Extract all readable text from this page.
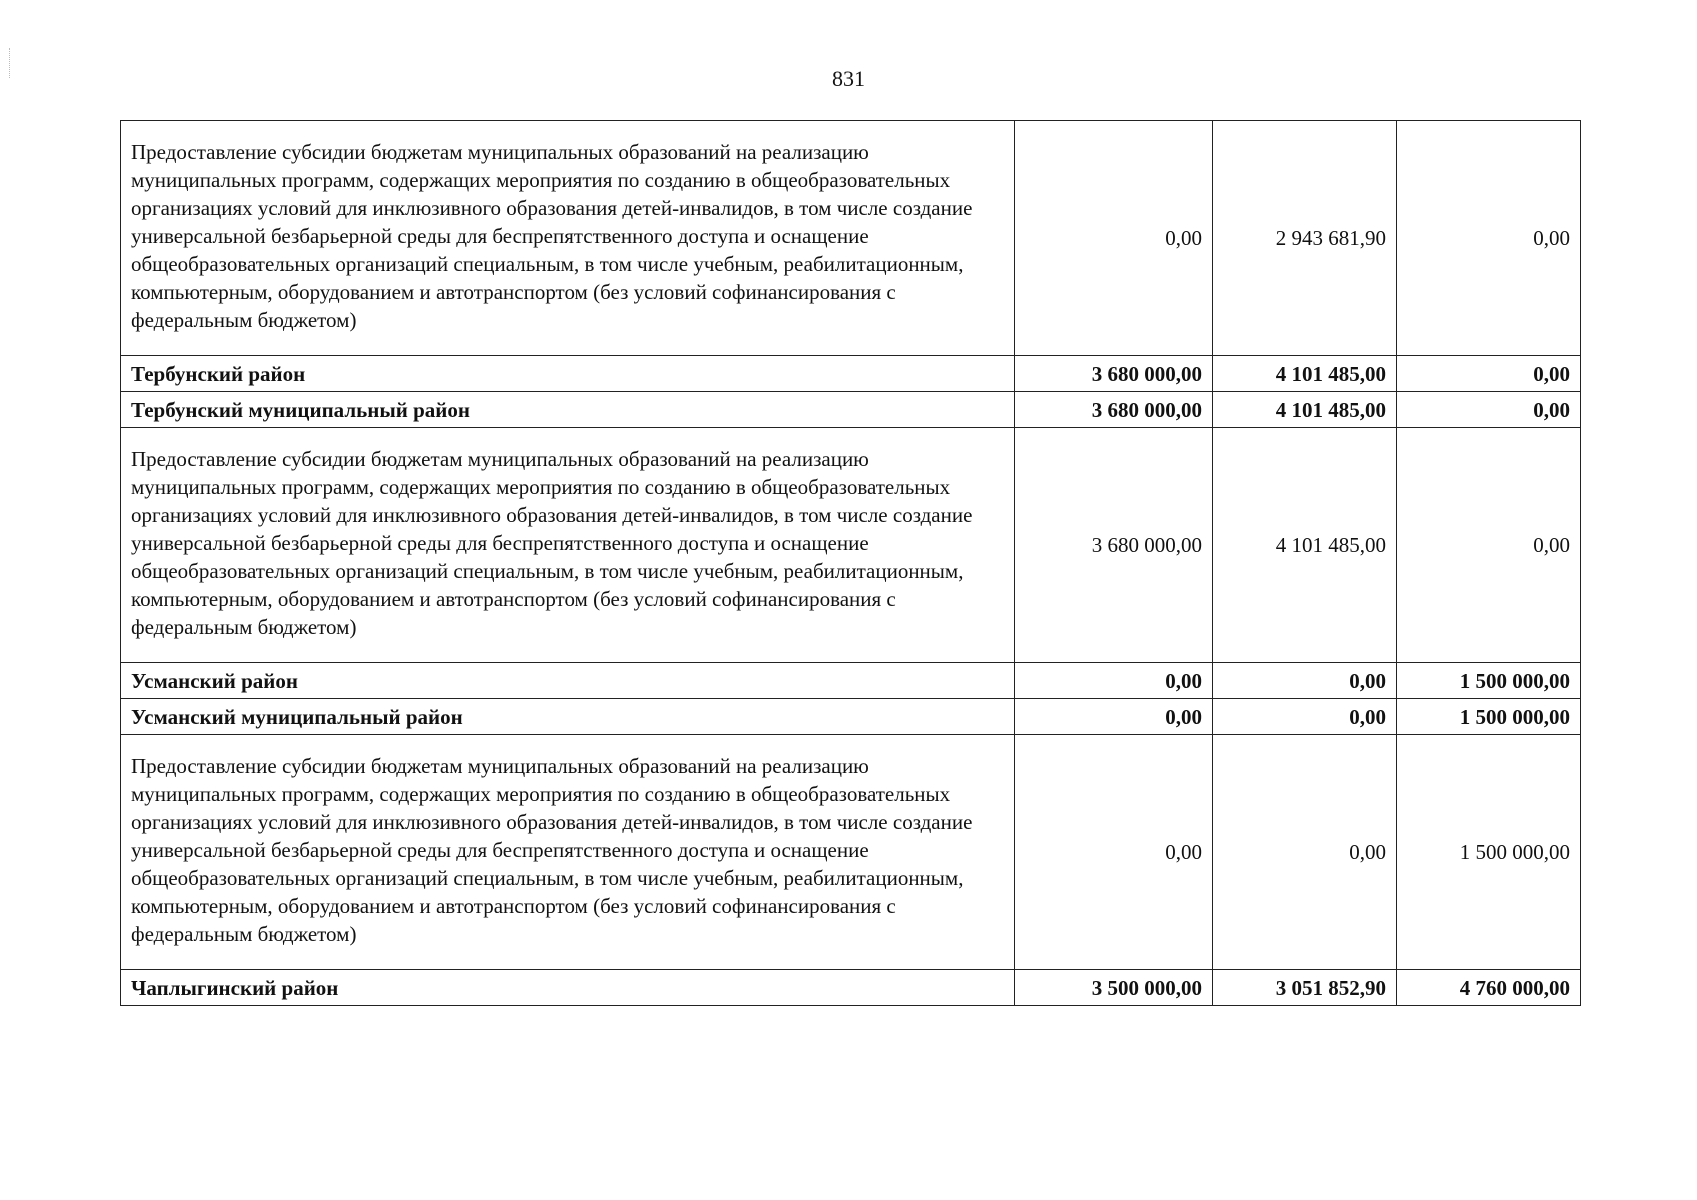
831
Предоставление субсидии бюджетам муниципальных образований на реализацию муниципальных программ, содержащих мероприятия по созданию в общеобразовательных организациях условий для инклюзивного образования детей-инвалидов, в том числе создание универсальной безбарьерной среды для беспрепятственного доступа и оснащение общеобразовательных организаций специальным, в том числе учебным, реабилитационным, компьютерным, оборудованием и автотранспортом (без условий софинансирования с федеральным бюджетом)	0,00	2 943 681,90	0,00
Тербунский район	3 680 000,00	4 101 485,00	0,00
Тербунский муниципальный район	3 680 000,00	4 101 485,00	0,00
Предоставление субсидии бюджетам муниципальных образований на реализацию муниципальных программ, содержащих мероприятия по созданию в общеобразовательных организациях условий для инклюзивного образования детей-инвалидов, в том числе создание универсальной безбарьерной среды для беспрепятственного доступа и оснащение общеобразовательных организаций специальным, в том числе учебным, реабилитационным, компьютерным, оборудованием и автотранспортом (без условий софинансирования с федеральным бюджетом)	3 680 000,00	4 101 485,00	0,00
Усманский район	0,00	0,00	1 500 000,00
Усманский муниципальный район	0,00	0,00	1 500 000,00
Предоставление субсидии бюджетам муниципальных образований на реализацию муниципальных программ, содержащих мероприятия по созданию в общеобразовательных организациях условий для инклюзивного образования детей-инвалидов, в том числе создание универсальной безбарьерной среды для беспрепятственного доступа и оснащение общеобразовательных организаций специальным, в том числе учебным, реабилитационным, компьютерным, оборудованием и автотранспортом (без условий софинансирования с федеральным бюджетом)	0,00	0,00	1 500 000,00
Чаплыгинский район	3 500 000,00	3 051 852,90	4 760 000,00
